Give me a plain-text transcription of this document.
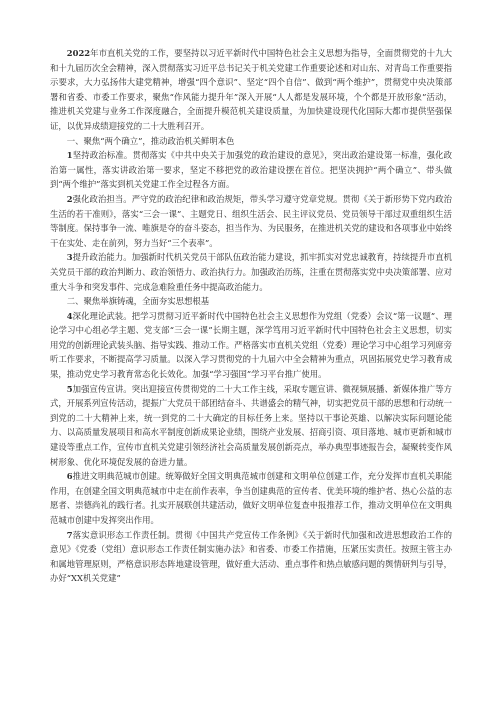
2022年市直机关党的工作，要坚持以习近平新时代中国特色社会主义思想为指导，全面贯彻党的十九大和十九届历次全会精神，深入贯彻落实习近平总书记关于机关党建工作重要论述和对山东、对青岛工作重要指示要求，大力弘扬伟大建党精神，增强“四个意识”、坚定“四个自信”、做到“两个维护”，贯彻党中央决策部署和省委、市委工作要求，聚焦“作风能力提升年”深入开展“人人都是发展环境，个个都是开放形象”活动，推进机关党建与业务工作深度融合，全面提升模范机关建设质量，为加快建设现代化国际大都市提供坚强保证，以优异成绩迎接党的二十大胜利召开。

一、聚焦“两个确立”，推动政治机关鲜明本色

1坚持政治标准。贯彻落实《中共中央关于加强党的政治建设的意见》，突出政治建设第一标准，强化政治第一属性，落实讲政治第一要求，坚定不移把党的政治建设摆在首位。把坚决拥护“两个确立”、带头做到“两个维护”落实到机关党建工作全过程各方面。

2强化政治担当。严守党的政治纪律和政治规矩，带头学习遵守党章党规。贯彻《关于新形势下党内政治生活的若干准则》，落实“三会一课”、主题党日、组织生活会、民主评议党员、党员领导干部过双重组织生活等制度。保持事争一流、唯旗是夺的奋斗姿态，担当作为、为民服务，在推进机关党的建设和各项事业中始终干在实处、走在前列，努力当好“三个表率”。

3提升政治能力。加强新时代机关党员干部队伍政治能力建设，抓牢抓实对党忠诚教育，持续提升市直机关党员干部的政治判断力、政治领悟力、政治执行力。加强政治历练，注重在贯彻落实党中央决策部署、应对重大斗争和突发事件、完成急难险重任务中提高政治能力。

二、聚焦举旗铸魂，全面夯实思想根基

4深化理论武装。把学习贯彻习近平新时代中国特色社会主义思想作为党组（党委）会议“第一议题”、理论学习中心组必学主题、党支部“三会一课”长期主题，深学笃用习近平新时代中国特色社会主义思想，切实用党的创新理论武装头脑、指导实践、推动工作。严格落实市直机关党组（党委）理论学习中心组学习列席旁听工作要求，不断提高学习质量。以深入学习贯彻党的十九届六中全会精神为重点，巩固拓展党史学习教育成果，推动党史学习教育常态化长效化。加强“学习强国”学习平台推广使用。

5加强宣传宣讲。突出迎接宣传贯彻党的二十大工作主线，采取专题宣讲、微视频展播、新媒体推广等方式，开展系列宣传活动，提振广大党员干部团结奋斗、共谱盛会的精气神，切实把党员干部的思想和行动统一到党的二十大精神上来，统一到党的二十大确定的目标任务上来。坚持以干事论英雄、以解决实际问题论能力、以高质量发展项目和高水平制度创新成果论业绩，围绕产业发展、招商引资、项目落地、城市更新和城市建设等重点工作，宣传市直机关党建引领经济社会高质量发展创新亮点，举办典型事迹报告会，凝聚转变作风树形象、优化环境促发展的奋进力量。

6推进文明典范城市创建。统筹做好全国文明典范城市创建和文明单位创建工作，充分发挥市直机关职能作用，在创建全国文明典范城市中走在前作表率，争当创建典范的宣传者、优美环境的维护者、热心公益的志愿者、崇德尚礼的践行者。扎实开展联创共建活动，做好文明单位复查申报推荐工作，推动文明单位在文明典范城市创建中发挥突出作用。

7落实意识形态工作责任制。贯彻《中国共产党宣传工作条例》《关于新时代加强和改进思想政治工作的意见》《党委（党组）意识形态工作责任制实施办法》和省委、市委工作措施，压紧压实责任。按照主管主办和属地管理原则，严格意识形态阵地建设管理，做好重大活动、重点事件和热点敏感问题的舆情研判与引导，办好“XX机关党建”
